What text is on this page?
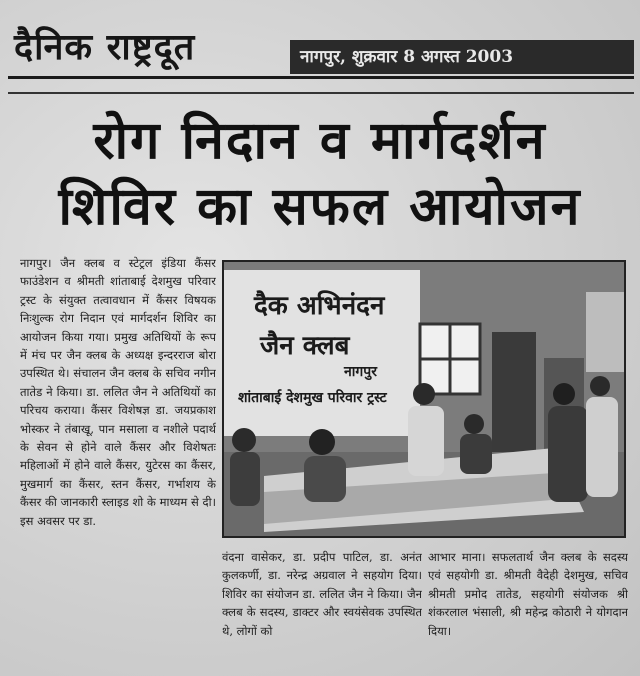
दैनिक राष्ट्रदूत	नागपुर, शुक्रवार 8 अगस्त 2003
रोग निदान व मार्गदर्शन
शिविर का सफल आयोजन
नागपुर। जैन क्लब व स्टेट्रल इंडिया कैंसर फाउंडेशन व श्रीमती शांताबाई देशमुख परिवार ट्रस्ट के संयुक्त तत्वावधान में कैंसर विषयक निःशुल्क रोग निदान एवं मार्गदर्शन शिविर का आयोजन किया गया। प्रमुख अतिथियों के रूप में मंच पर जैन क्लब के अध्यक्ष इन्दरराज बोरा उपस्थित थे। संचालन जैन क्लब के सचिव नगीन तातेड ने किया। डा. ललित जैन ने अतिथियों का परिचय कराया। कैंसर विशेषज्ञ डा. जयप्रकाश भोस्कर ने तंबाखू, पान मसाला व नशीले पदार्थ के सेवन से होने वाले कैंसर और विशेषतः महिलाओं में होने वाले कैंसर, युटेरस का कैंसर, मुखमार्ग का कैंसर, स्तन कैंसर, गर्भाशय के कैंसर की जानकारी स्लाइड शो के माध्यम से दी। इस अवसर पर डा.
दैक अभिनंदन
जैन क्लब
नागपुर
शांताबाई देशमुख परिवार ट्रस्ट
वंदना वासेकर, डा. प्रदीप पाटिल, डा. अनंत कुलकर्णी, डा. नरेन्द्र अग्रवाल ने सहयोग दिया। शिविर का संयोजन डा. ललित जैन ने किया। जैन क्लब के सदस्य, डाक्टर और स्वयंसेवक उपस्थित थे, लोगों को
आभार माना। सफलतार्थ जैन क्लब के सदस्य एवं सहयोगी डा. श्रीमती वैदेही देशमुख, सचिव श्रीमती प्रमोद तातेड, सहयोगी संयोजक श्री शंकरलाल भंसाली, श्री महेन्द्र कोठारी ने योगदान दिया।
